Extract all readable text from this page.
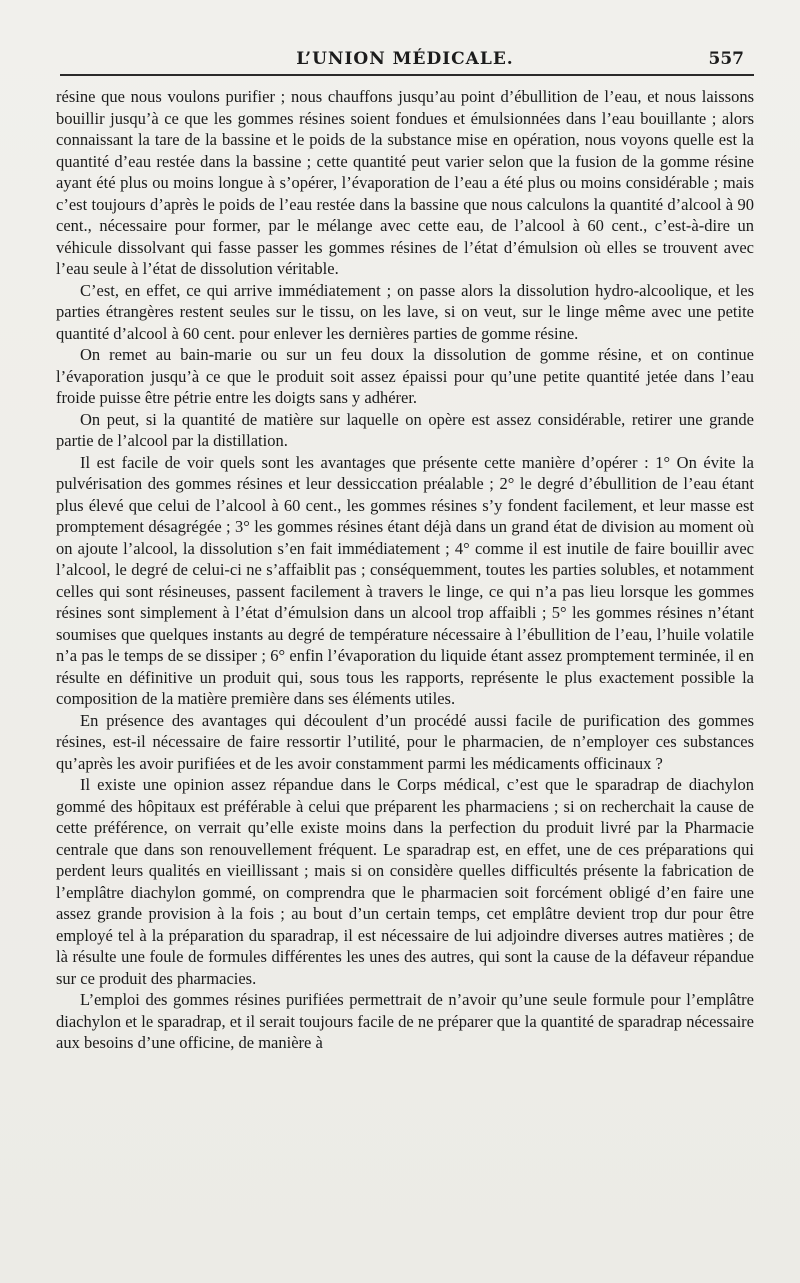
L’UNION MÉDICALE.	557

résine que nous voulons purifier ; nous chauffons jusqu’au point d’ébullition de l’eau, et nous laissons bouillir jusqu’à ce que les gommes résines soient fondues et émulsionnées dans l’eau bouillante ; alors connaissant la tare de la bassine et le poids de la substance mise en opération, nous voyons quelle est la quantité d’eau restée dans la bassine ; cette quantité peut varier selon que la fusion de la gomme résine ayant été plus ou moins longue à s’opérer, l’évaporation de l’eau a été plus ou moins considérable ; mais c’est toujours d’après le poids de l’eau restée dans la bassine que nous calculons la quantité d’alcool à 90 cent., nécessaire pour former, par le mélange avec cette eau, de l’alcool à 60 cent., c’est-à-dire un véhicule dissolvant qui fasse passer les gommes résines de l’état d’émulsion où elles se trouvent avec l’eau seule à l’état de dissolution véritable.

C’est, en effet, ce qui arrive immédiatement ; on passe alors la dissolution hydro-alcoolique, et les parties étrangères restent seules sur le tissu, on les lave, si on veut, sur le linge même avec une petite quantité d’alcool à 60 cent. pour enlever les dernières parties de gomme résine.

On remet au bain-marie ou sur un feu doux la dissolution de gomme résine, et on continue l’évaporation jusqu’à ce que le produit soit assez épaissi pour qu’une petite quantité jetée dans l’eau froide puisse être pétrie entre les doigts sans y adhérer.

On peut, si la quantité de matière sur laquelle on opère est assez considérable, retirer une grande partie de l’alcool par la distillation.

Il est facile de voir quels sont les avantages que présente cette manière d’opérer : 1° On évite la pulvérisation des gommes résines et leur dessiccation préalable ; 2° le degré d’ébullition de l’eau étant plus élevé que celui de l’alcool à 60 cent., les gommes résines s’y fondent facilement, et leur masse est promptement désagrégée ; 3° les gommes résines étant déjà dans un grand état de division au moment où on ajoute l’alcool, la dissolution s’en fait immédiatement ; 4° comme il est inutile de faire bouillir avec l’alcool, le degré de celui-ci ne s’affaiblit pas ; conséquemment, toutes les parties solubles, et notamment celles qui sont résineuses, passent facilement à travers le linge, ce qui n’a pas lieu lorsque les gommes résines sont simplement à l’état d’émulsion dans un alcool trop affaibli ; 5° les gommes résines n’étant soumises que quelques instants au degré de température nécessaire à l’ébullition de l’eau, l’huile volatile n’a pas le temps de se dissiper ; 6° enfin l’évaporation du liquide étant assez promptement terminée, il en résulte en définitive un produit qui, sous tous les rapports, représente le plus exactement possible la composition de la matière première dans ses éléments utiles.

En présence des avantages qui découlent d’un procédé aussi facile de purification des gommes résines, est-il nécessaire de faire ressortir l’utilité, pour le pharmacien, de n’employer ces substances qu’après les avoir purifiées et de les avoir constamment parmi les médicaments officinaux ?

Il existe une opinion assez répandue dans le Corps médical, c’est que le sparadrap de diachylon gommé des hôpitaux est préférable à celui que préparent les pharmaciens ; si on recherchait la cause de cette préférence, on verrait qu’elle existe moins dans la perfection du produit livré par la Pharmacie centrale que dans son renouvellement fréquent. Le sparadrap est, en effet, une de ces préparations qui perdent leurs qualités en vieillissant ; mais si on considère quelles difficultés présente la fabrication de l’emplâtre diachylon gommé, on comprendra que le pharmacien soit forcément obligé d’en faire une assez grande provision à la fois ; au bout d’un certain temps, cet emplâtre devient trop dur pour être employé tel à la préparation du sparadrap, il est nécessaire de lui adjoindre diverses autres matières ; de là résulte une foule de formules différentes les unes des autres, qui sont la cause de la défaveur répandue sur ce produit des pharmacies.

L’emploi des gommes résines purifiées permettrait de n’avoir qu’une seule formule pour l’emplâtre diachylon et le sparadrap, et il serait toujours facile de ne préparer que la quantité de sparadrap nécessaire aux besoins d’une officine, de manière à
